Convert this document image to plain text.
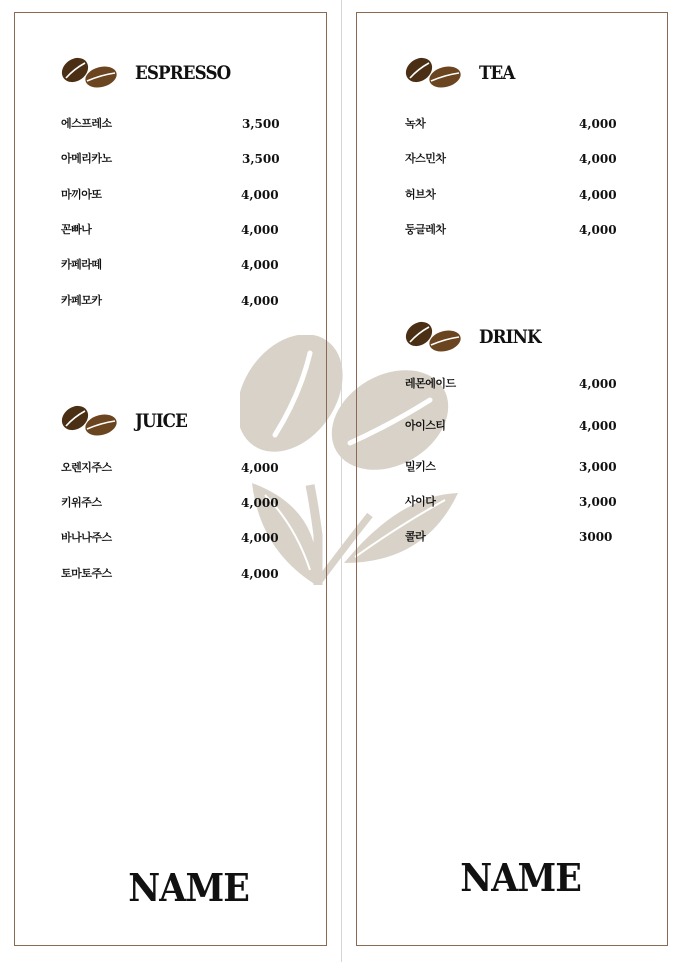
ESPRESSO
에스프레소	3,500
아메리카노	3,500
마끼아또	4,000
꼰빠나	4,000
카페라떼	4,000
카페모카	4,000
JUICE
오렌지주스	4,000
키위주스	4,000
바나나주스	4,000
토마토주스	4,000
NAME
TEA
녹차	4,000
자스민차	4,000
허브차	4,000
둥글레차	4,000
DRINK
레몬에이드	4,000
아이스티	4,000
밀키스	3,000
사이다	3,000
콜라	3000
NAME
